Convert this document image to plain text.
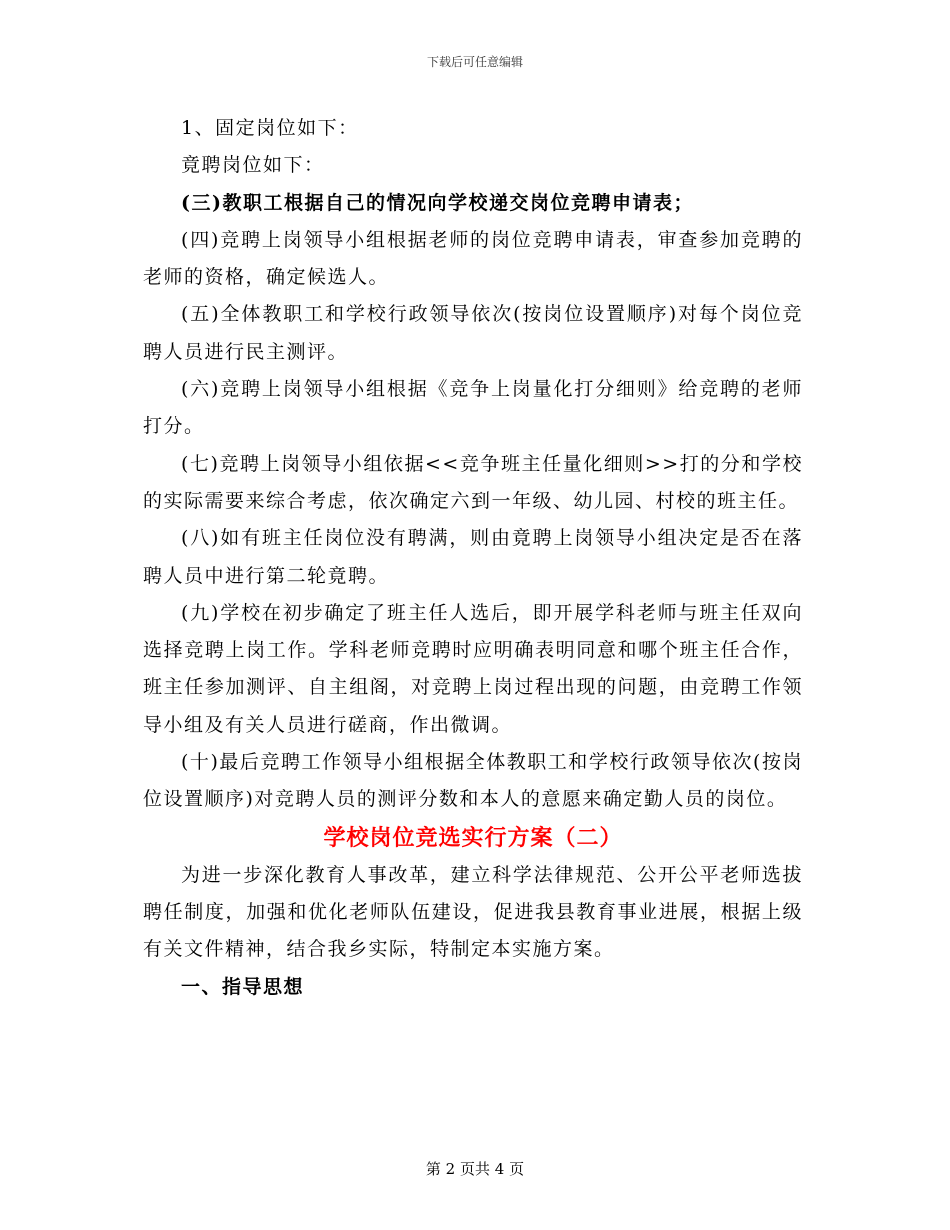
下载后可任意编辑

1、固定岗位如下：

竟聘岗位如下：

(三)教职工根据自己的情况向学校递交岗位竞聘申请表；

(四)竞聘上岗领导小组根据老师的岗位竞聘申请表，审查参加竞聘的老师的资格，确定候选人。

(五)全体教职工和学校行政领导依次(按岗位设置顺序)对每个岗位竞聘人员进行民主测评。

(六)竞聘上岗领导小组根据《竞争上岗量化打分细则》给竞聘的老师打分。

(七)竞聘上岗领导小组依据<<竞争班主任量化细则>>打的分和学校的实际需要来综合考虑，依次确定六到一年级、幼儿园、村校的班主任。

(八)如有班主任岗位没有聘满，则由竟聘上岗领导小组决定是否在落聘人员中进行第二轮竟聘。

(九)学校在初步确定了班主任人选后，即开展学科老师与班主任双向选择竞聘上岗工作。学科老师竞聘时应明确表明同意和哪个班主任合作，班主任参加测评、自主组阁，对竞聘上岗过程出现的问题，由竞聘工作领导小组及有关人员进行磋商，作出微调。

(十)最后竞聘工作领导小组根据全体教职工和学校行政领导依次(按岗位设置顺序)对竞聘人员的测评分数和本人的意愿来确定勤人员的岗位。

学校岗位竞选实行方案（二）

为进一步深化教育人事改革，建立科学法律规范、公开公平老师选拔聘任制度，加强和优化老师队伍建设，促进我县教育事业进展，根据上级有关文件精神，结合我乡实际，特制定本实施方案。

一、指导思想

第 2 页共 4 页
